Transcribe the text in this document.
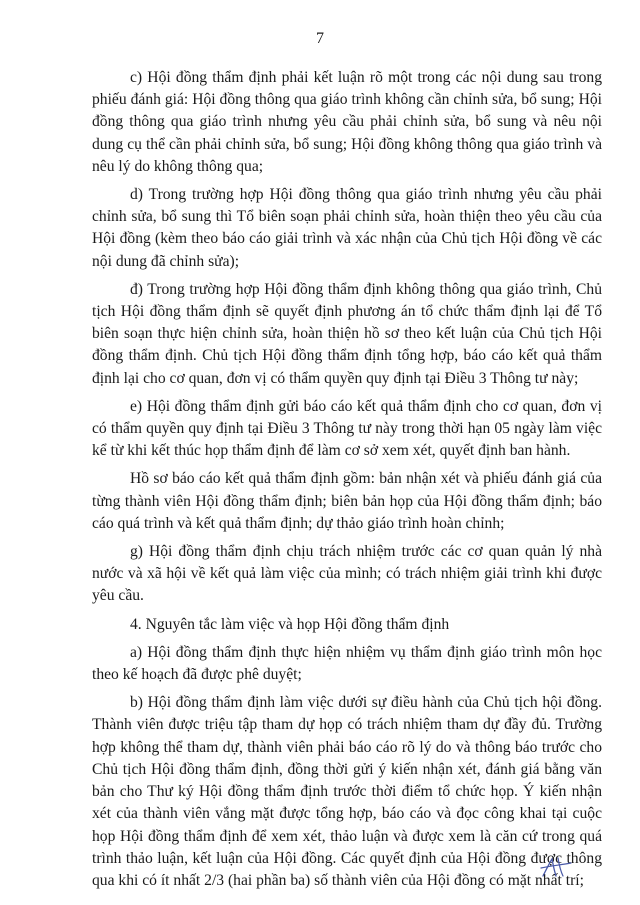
7

c) Hội đồng thẩm định phải kết luận rõ một trong các nội dung sau trong phiếu đánh giá: Hội đồng thông qua giáo trình không cần chỉnh sửa, bổ sung; Hội đồng thông qua giáo trình nhưng yêu cầu phải chỉnh sửa, bổ sung và nêu nội dung cụ thể cần phải chỉnh sửa, bổ sung; Hội đồng không thông qua giáo trình và nêu lý do không thông qua;

d) Trong trường hợp Hội đồng thông qua giáo trình nhưng yêu cầu phải chỉnh sửa, bổ sung thì Tổ biên soạn phải chỉnh sửa, hoàn thiện theo yêu cầu của Hội đồng (kèm theo báo cáo giải trình và xác nhận của Chủ tịch Hội đồng về các nội dung đã chỉnh sửa);

đ) Trong trường hợp Hội đồng thẩm định không thông qua giáo trình, Chủ tịch Hội đồng thẩm định sẽ quyết định phương án tổ chức thẩm định lại để Tổ biên soạn thực hiện chỉnh sửa, hoàn thiện hồ sơ theo kết luận của Chủ tịch Hội đồng thẩm định. Chủ tịch Hội đồng thẩm định tổng hợp, báo cáo kết quả thẩm định lại cho cơ quan, đơn vị có thẩm quyền quy định tại Điều 3 Thông tư này;

e) Hội đồng thẩm định gửi báo cáo kết quả thẩm định cho cơ quan, đơn vị có thẩm quyền quy định tại Điều 3 Thông tư này trong thời hạn 05 ngày làm việc kể từ khi kết thúc họp thẩm định để làm cơ sở xem xét, quyết định ban hành.

Hồ sơ báo cáo kết quả thẩm định gồm: bản nhận xét và phiếu đánh giá của từng thành viên Hội đồng thẩm định; biên bản họp của Hội đồng thẩm định; báo cáo quá trình và kết quả thẩm định; dự thảo giáo trình hoàn chỉnh;

g) Hội đồng thẩm định chịu trách nhiệm trước các cơ quan quản lý nhà nước và xã hội về kết quả làm việc của mình; có trách nhiệm giải trình khi được yêu cầu.

4. Nguyên tắc làm việc và họp Hội đồng thẩm định

a) Hội đồng thẩm định thực hiện nhiệm vụ thẩm định giáo trình môn học theo kế hoạch đã được phê duyệt;

b) Hội đồng thẩm định làm việc dưới sự điều hành của Chủ tịch hội đồng. Thành viên được triệu tập tham dự họp có trách nhiệm tham dự đầy đủ. Trường hợp không thể tham dự, thành viên phải báo cáo rõ lý do và thông báo trước cho Chủ tịch Hội đồng thẩm định, đồng thời gửi ý kiến nhận xét, đánh giá bằng văn bản cho Thư ký Hội đồng thẩm định trước thời điểm tổ chức họp. Ý kiến nhận xét của thành viên vắng mặt được tổng hợp, báo cáo và đọc công khai tại cuộc họp Hội đồng thẩm định để xem xét, thảo luận và được xem là căn cứ trong quá trình thảo luận, kết luận của Hội đồng. Các quyết định của Hội đồng được thông qua khi có ít nhất 2/3 (hai phần ba) số thành viên của Hội đồng có mặt nhất trí;
